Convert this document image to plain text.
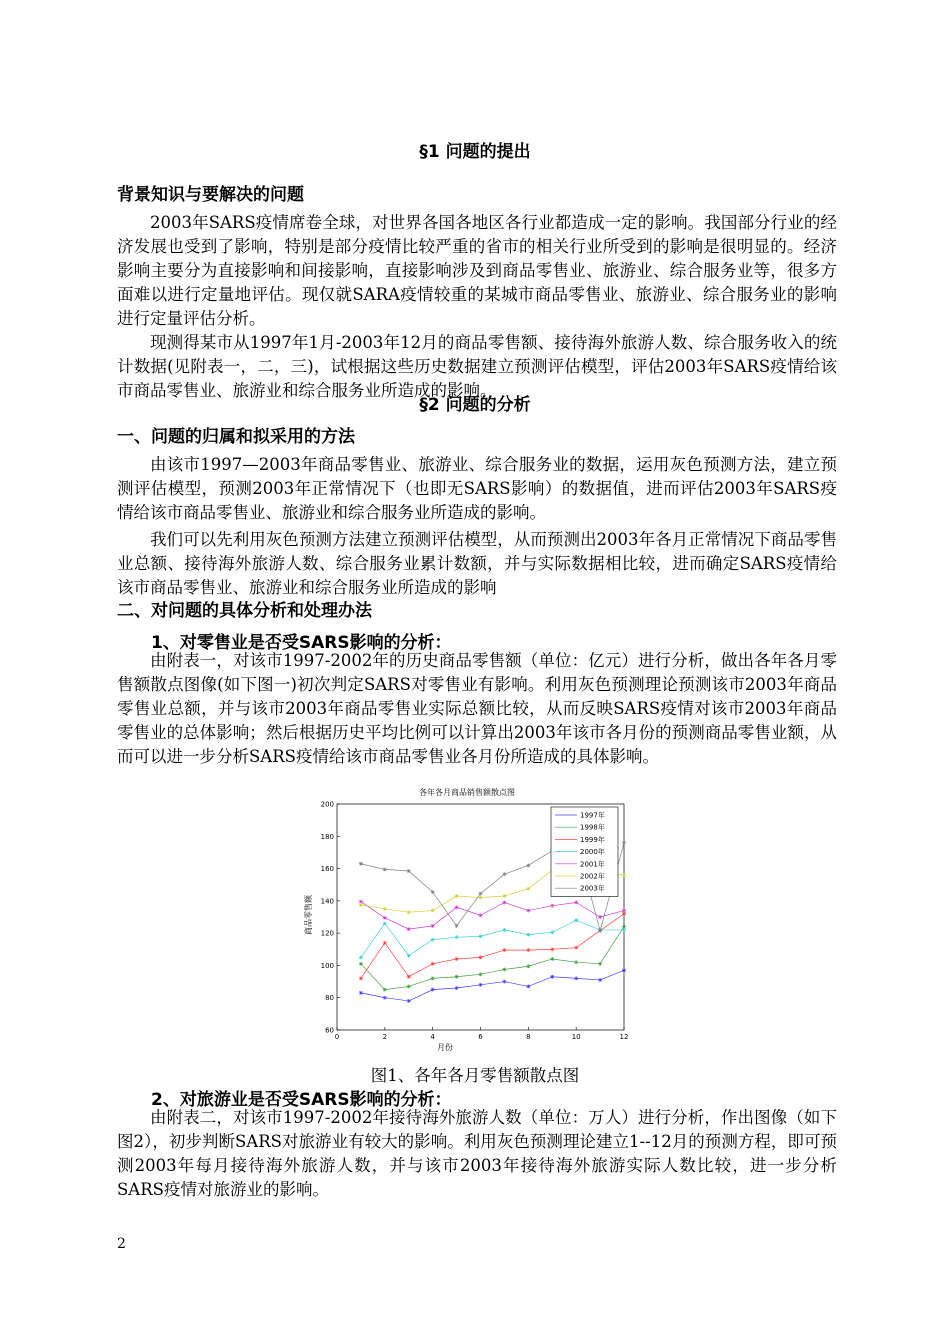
§1 问题的提出
背景知识与要解决的问题

2003年SARS疫情席卷全球，对世界各国各地区各行业都造成一定的影响。我国部分行业的经济发展也受到了影响，特别是部分疫情比较严重的省市的相关行业所受到的影响是很明显的。经济影响主要分为直接影响和间接影响，直接影响涉及到商品零售业、旅游业、综合服务业等，很多方面难以进行定量地评估。现仅就SARA疫情较重的某城市商品零售业、旅游业、综合服务业的影响进行定量评估分析。

现测得某市从1997年1月-2003年12月的商品零售额、接待海外旅游人数、综合服务收入的统计数据(见附表一，二，三)，试根据这些历史数据建立预测评估模型，评估2003年SARS疫情给该市商品零售业、旅游业和综合服务业所造成的影响。

§2 问题的分析
一、问题的归属和拟采用的方法

由该市1997—2003年商品零售业、旅游业、综合服务业的数据，运用灰色预测方法，建立预测评估模型，预测2003年正常情况下（也即无SARS影响）的数据值，进而评估2003年SARS疫情给该市商品零售业、旅游业和综合服务业所造成的影响。

我们可以先利用灰色预测方法建立预测评估模型，从而预测出2003年各月正常情况下商品零售业总额、接待海外旅游人数、综合服务业累计数额，并与实际数据相比较，进而确定SARS疫情给该市商品零售业、旅游业和综合服务业所造成的影响

二、对问题的具体分析和处理办法
1、对零售业是否受SARS影响的分析：

由附表一，对该市1997-2002年的历史商品零售额（单位：亿元）进行分析，做出各年各月零售额散点图像(如下图一)初次判定SARS对零售业有影响。利用灰色预测理论预测该市2003年商品零售业总额，并与该市2003年商品零售业实际总额比较，从而反映SARS疫情对该市2003年商品零售业的总体影响；然后根据历史平均比例可以计算出2003年该市各月份的预测商品零售业额，从而可以进一步分析SARS疫情给该市商品零售业各月份所造成的具体影响。

各年各月商品销售额散点图
0	2	4	6	8	10	12
60
80
100
120
140
160
180
200
1997年
1998年
1999年
2000年
2001年
2002年
2003年
月份
商品零售额
图1、各年各月零售额散点图
2、对旅游业是否受SARS影响的分析：

由附表二，对该市1997-2002年接待海外旅游人数（单位：万人）进行分析，作出图像（如下图2），初步判断SARS对旅游业有较大的影响。利用灰色预测理论建立1--12月的预测方程，即可预测2003年每月接待海外旅游人数，并与该市2003年接待海外旅游实际人数比较，进一步分析SARS疫情对旅游业的影响。

2
